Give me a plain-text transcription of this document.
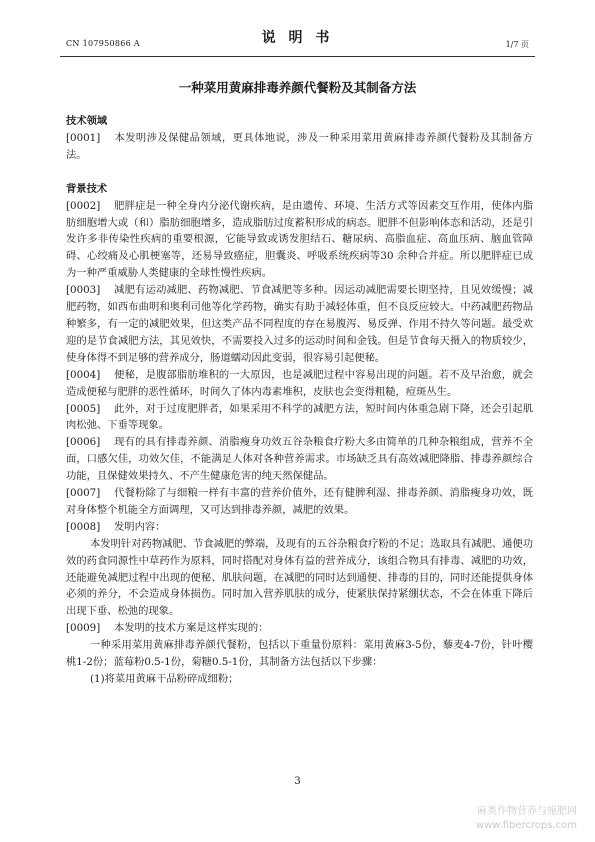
CN 107950866 A	说 明 书	1/7 页
一种菜用黄麻排毒养颜代餐粉及其制备方法
技术领域
[0001] 本发明涉及保健品领域，更具体地说，涉及一种采用菜用黄麻排毒养颜代餐粉及其制备方法。
背景技术
[0002] 肥胖症是一种全身内分泌代谢疾病，是由遗传、环境、生活方式等因素交互作用，使体内脂肪细胞增大或（和）脂肪细胞增多，造成脂肪过度蓄积形成的病态。肥胖不但影响体态和活动，还是引发许多非传染性疾病的重要根源，它能导致或诱发胆结石、糖尿病、高脂血症、高血压病、脑血管障碍、心绞痛及心肌梗塞等，还易导致癌症，胆囊炎、呼吸系统疾病等30 余种合并症。所以肥胖症已成为一种严重威胁人类健康的全球性慢性疾病。
[0003] 减肥有运动减肥、药物减肥、节食减肥等多种。因运动减肥需要长期坚持，且见效缓慢；减肥药物，如西布曲明和奥利司他等化学药物，确实有助于减轻体重，但不良反应较大。中药减肥药物品种繁多，有一定的减肥效果，但这类产品不同程度的存在易腹泻、易反弹、作用不持久等问题。最受欢迎的是节食减肥方法，其见效快，不需要投入过多的运动时间和金钱。但是节食每天摄入的物质较少，使身体得不到足够的营养成分，肠道蠕动因此变弱，很容易引起便秘。
[0004] 便秘，是腹部脂肪堆积的一大原因，也是减肥过程中容易出现的问题。若不及早治愈，就会造成便秘与肥胖的恶性循环，时间久了体内毒素堆积，皮肤也会变得粗糙，痘斑丛生。
[0005] 此外，对于过度肥胖者，如果采用不科学的减肥方法，短时间内体重急剧下降，还会引起肌肉松弛、下垂等现象。
[0006] 现有的具有排毒养颜、消脂瘦身功效五谷杂粮食疗粉大多由简单的几种杂粮组成，营养不全面，口感欠佳，功效欠佳，不能满足人体对各种营养需求。市场缺乏具有高效减肥降脂、排毒养颜综合功能，且保健效果持久、不产生健康危害的纯天然保健品。
[0007] 代餐粉除了与细粮一样有丰富的营养价值外，还有健脾利湿、排毒养颜、消脂瘦身功效，既对身体整个机能全方面调理，又可达到排毒养颜，减肥的效果。
[0008] 发明内容：
本发明针对药物减肥、节食减肥的弊端，及现有的五谷杂粮食疗粉的不足；选取具有减肥、通便功效的药食同源性中草药作为原料，同时搭配对身体有益的营养成分，该组合物具有排毒、减肥的功效，还能避免减肥过程中出现的便秘、肌肤问题，在减肥的同时达到通便、排毒的目的，同时还能提供身体必须的养分，不会造成身体损伤。同时加入营养肌肤的成分，使紧肤保持紧绷状态，不会在体重下降后出现下垂、松弛的现象。
[0009] 本发明的技术方案是这样实现的：
一种采用菜用黄麻排毒养颜代餐粉，包括以下重量份原料：菜用黄麻3-5份，藜麦4-7份，针叶樱桃1-2份；蓝莓粉0.5-1份，菊糖0.5-1份，其制备方法包括以下步骤：
(1)将菜用黄麻干品粉碎成细粉；
3
麻类作物营养与施肥网
www.fibercrops.com
